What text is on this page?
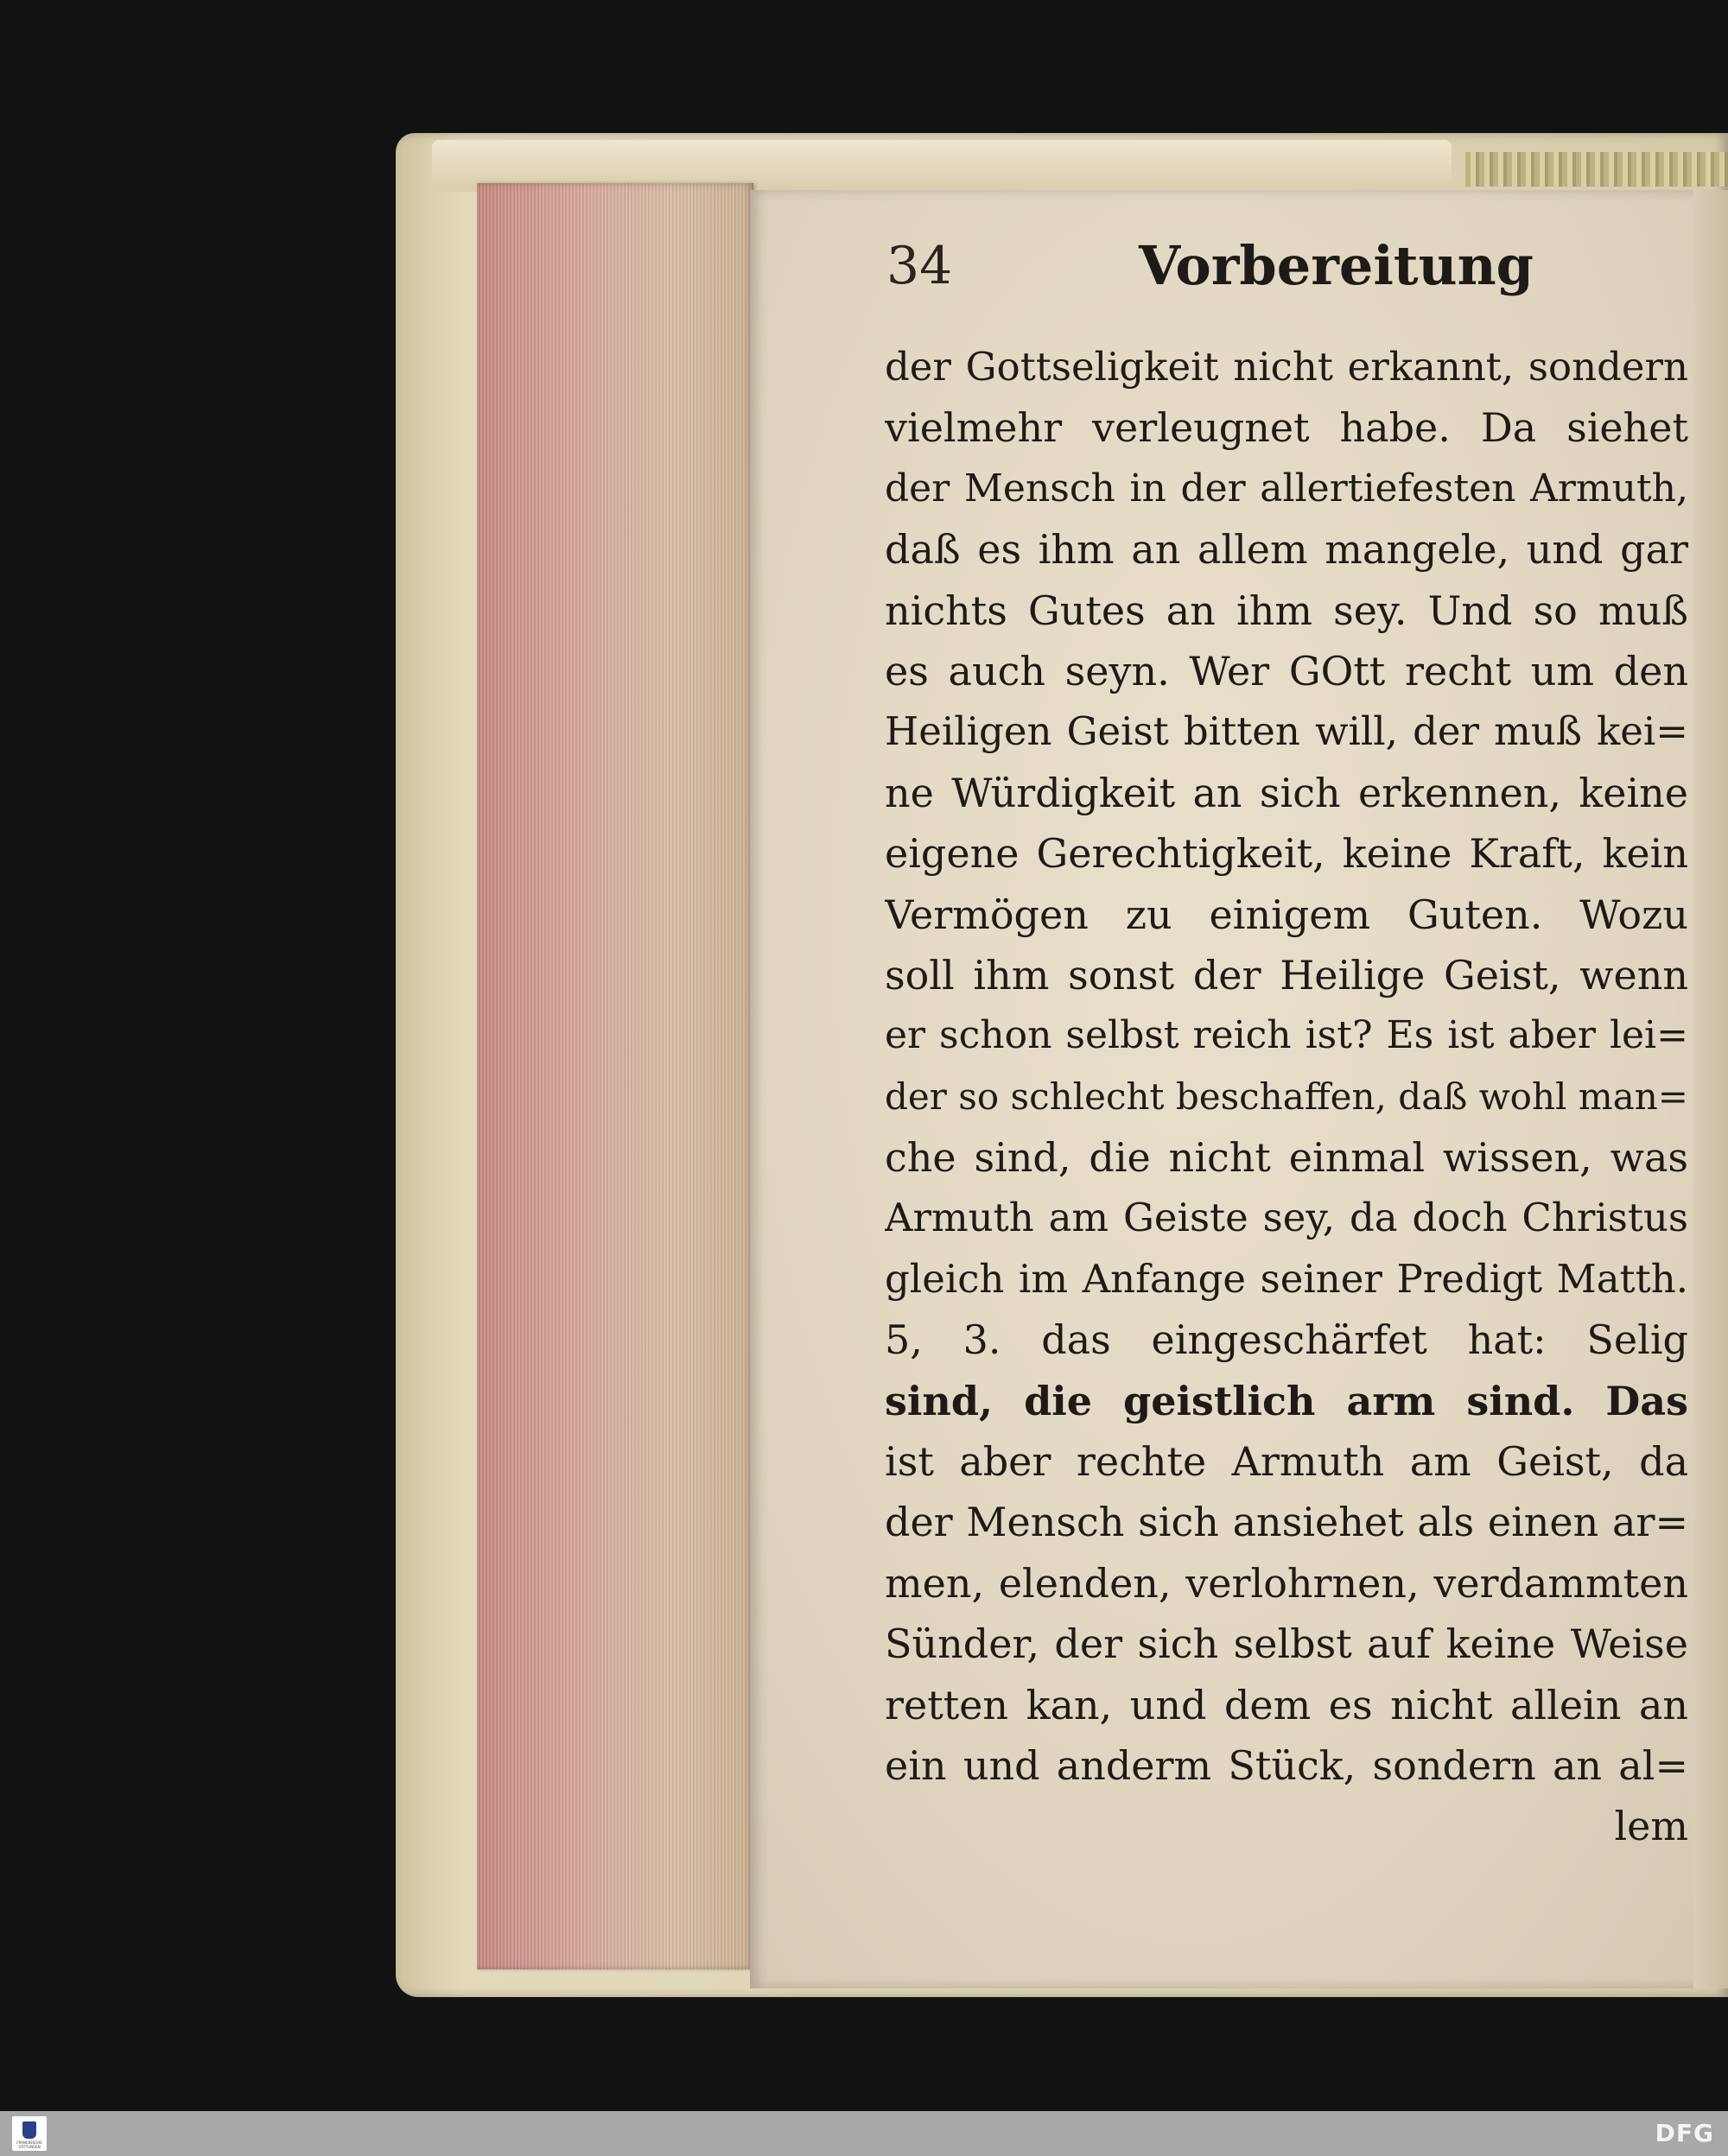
34	Vorbereitung
der Gottseligkeit nicht erkannt, sondern
vielmehr verleugnet habe. Da siehet
der Mensch in der allertiefesten Armuth,
daß es ihm an allem mangele, und gar
nichts Gutes an ihm sey. Und so muß
es auch seyn. Wer GOtt recht um den
Heiligen Geist bitten will, der muß kei=
ne Würdigkeit an sich erkennen, keine
eigene Gerechtigkeit, keine Kraft, kein
Vermögen zu einigem Guten. Wozu
soll ihm sonst der Heilige Geist, wenn
er schon selbst reich ist? Es ist aber lei=
der so schlecht beschaffen, daß wohl man=
che sind, die nicht einmal wissen, was
Armuth am Geiste sey, da doch Christus
gleich im Anfange seiner Predigt Matth.
5, 3. das eingeschärfet hat: Selig
sind, die geistlich arm sind. Das
ist aber rechte Armuth am Geist, da
der Mensch sich ansiehet als einen ar=
men, elenden, verlohrnen, verdammten
Sünder, der sich selbst auf keine Weise
retten kan, und dem es nicht allein an
ein und anderm Stück, sondern an al=
lem
FRANCKESCHE STIFTUNGEN	DFG
